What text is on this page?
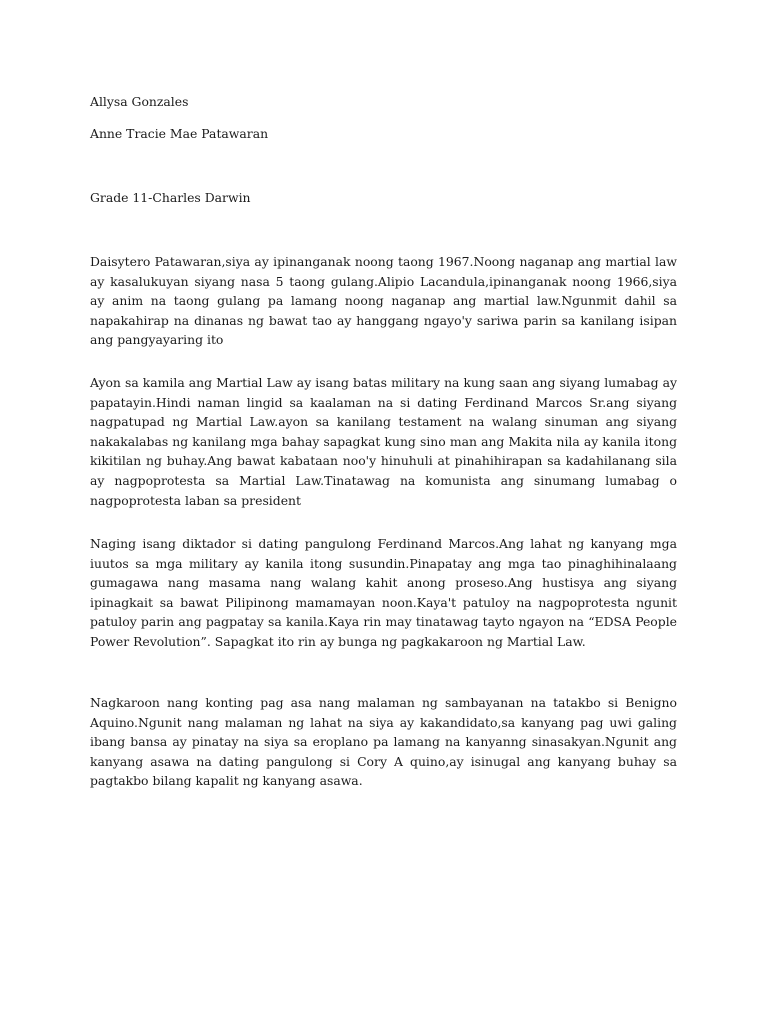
Allysa Gonzales

Anne Tracie Mae Patawaran

Grade 11-Charles Darwin

Daisytero Patawaran,siya ay ipinanganak noong taong 1967.Noong naganap ang martial law ay kasalukuyan siyang nasa 5 taong gulang.Alipio Lacandula,ipinanganak noong 1966,siya ay anim na taong gulang pa lamang noong naganap ang martial law.Ngunmit dahil sa napakahirap na dinanas ng bawat tao ay hanggang ngayo'y sariwa parin sa kanilang isipan ang pangyayaring ito

Ayon sa kamila ang Martial Law ay isang batas military na kung saan ang siyang lumabag ay papatayin.Hindi naman lingid sa kaalaman na si dating Ferdinand Marcos Sr.ang siyang nagpatupad ng Martial Law.ayon sa kanilang testament na walang sinuman ang siyang nakakalabas ng kanilang mga bahay sapagkat kung sino man ang Makita nila ay kanila itong kikitilan ng buhay.Ang bawat kabataan noo'y hinuhuli at pinahihirapan sa kadahilanang sila ay nagpoprotesta sa Martial Law.Tinatawag na komunista ang sinumang lumabag o nagpoprotesta laban sa president

Naging isang diktador si dating pangulong Ferdinand Marcos.Ang lahat ng kanyang mga iuutos sa mga military ay kanila itong susundin.Pinapatay ang mga tao pinaghihinalaang gumagawa nang masama nang walang kahit anong proseso.Ang hustisya ang siyang ipinagkait sa bawat Pilipinong mamamayan noon.Kaya't patuloy na nagpoprotesta ngunit patuloy parin ang pagpatay sa kanila.Kaya rin may tinatawag tayto ngayon na “EDSA People Power Revolution”. Sapagkat ito rin ay bunga ng pagkakaroon ng Martial Law.

Nagkaroon nang konting pag asa nang malaman ng sambayanan na tatakbo si Benigno Aquino.Ngunit nang malaman ng lahat na siya ay kakandidato,sa kanyang pag uwi galing ibang bansa ay pinatay na siya sa eroplano pa lamang na kanyanng sinasakyan.Ngunit ang kanyang asawa na dating pangulong si Cory A quino,ay isinugal ang kanyang buhay sa pagtakbo bilang kapalit ng kanyang asawa.
